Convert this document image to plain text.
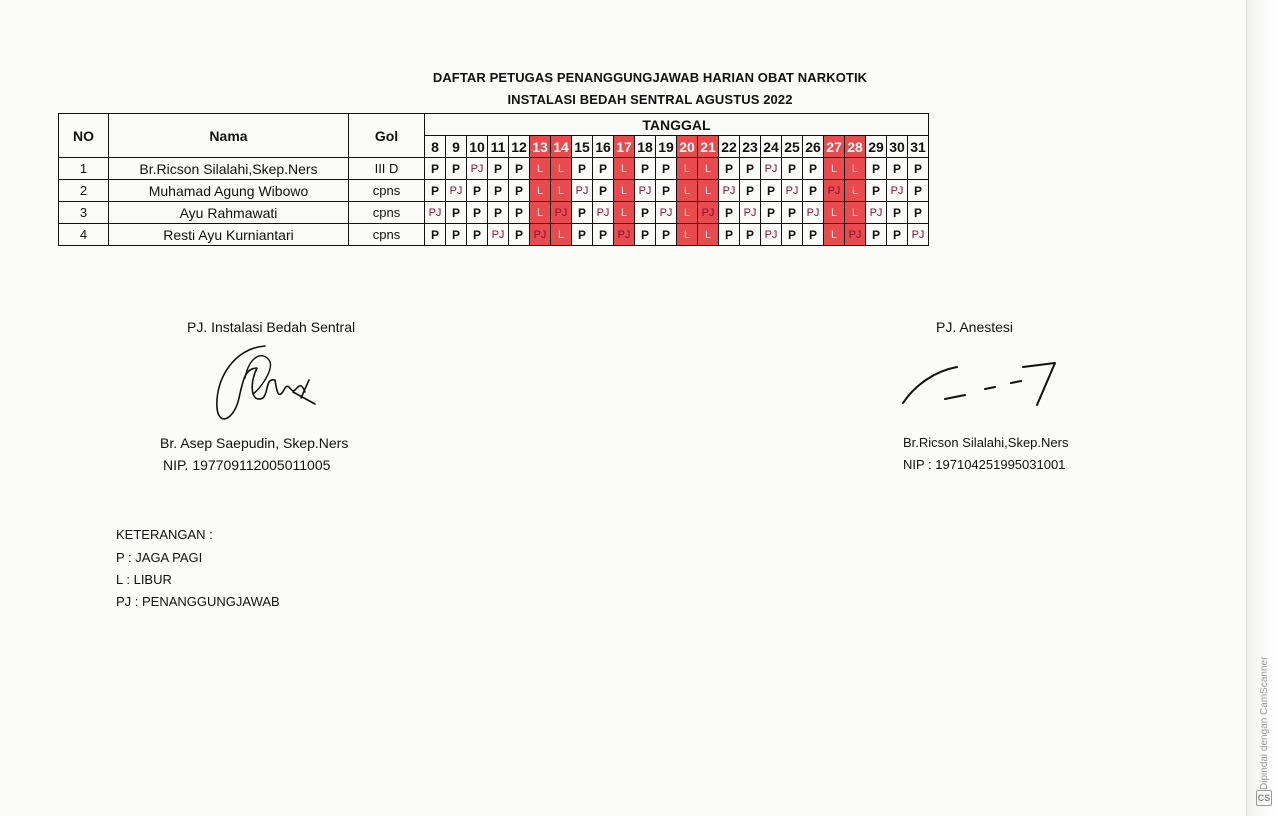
DAFTAR PETUGAS PENANGGUNGJAWAB HARIAN OBAT NARKOTIK
INSTALASI BEDAH SENTRAL AGUSTUS 2022
NO	Nama	Gol	TANGGAL																							
			8	9	10	11	12	13	14	15	16	17	18	19	20	21	22	23	24	25	26	27	28	29	30	31
1	Br.Ricson Silalahi,Skep.Ners	III D	P	P	PJ	P	P	L	L	P	P	L	P	P	L	L	P	P	PJ	P	P	L	L	P	P	P
2	Muhamad Agung Wibowo	cpns	P	PJ	P	P	P	L	L	PJ	P	L	PJ	P	L	L	PJ	P	P	PJ	P	PJ	L	P	PJ	P
3	Ayu Rahmawati	cpns	PJ	P	P	P	P	L	PJ	P	PJ	L	P	PJ	L	PJ	P	PJ	P	P	PJ	L	L	PJ	P	P
4	Resti Ayu Kurniantari	cpns	P	P	P	PJ	P	PJ	L	P	P	PJ	P	P	L	L	P	P	PJ	P	P	L	PJ	P	P	PJ
PJ. Instalasi Bedah Sentral
Br. Asep Saepudin, Skep.Ners
NIP. 197709112005011005
PJ. Anestesi
Br.Ricson Silalahi,Skep.Ners
NIP : 197104251995031001
KETERANGAN :
P : JAGA PAGI
L : LIBUR
PJ : PENANGGUNGJAWAB
Dipindai dengan CamScanner
CS
